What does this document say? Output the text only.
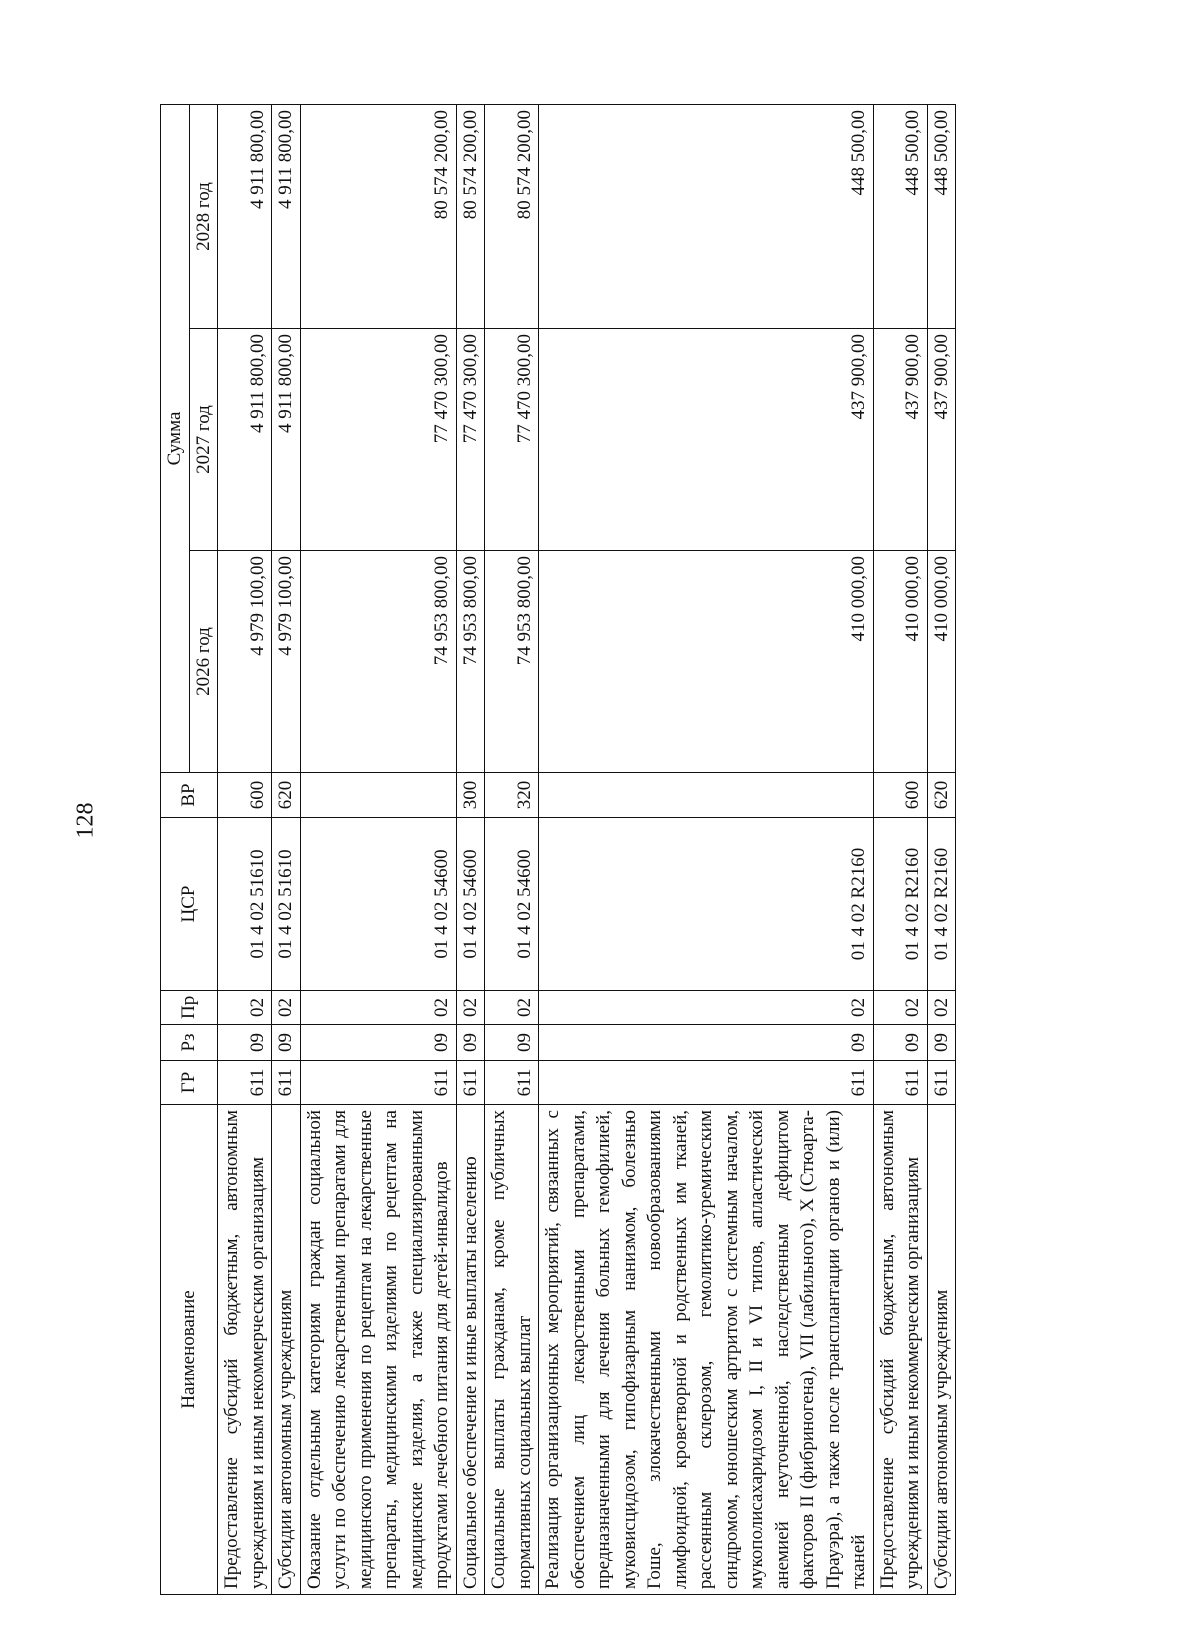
128
Наименование	ГР	Рз	Пр	ЦСР	ВР	Сумма		
						2026 год	2027 год	2028 год
Предоставление субсидий бюджетным, автономным учреждениям и иным некоммерческим организациям	611	09	02	01 4 02 51610	600	4 979 100,00	4 911 800,00	4 911 800,00
Субсидии автономным учреждениям	611	09	02	01 4 02 51610	620	4 979 100,00	4 911 800,00	4 911 800,00
Оказание отдельным категориям граждан социальной услуги по обеспечению лекарственными препаратами для медицинского применения по рецептам на лекарственные препараты, медицинскими изделиями по рецептам на медицинские изделия, а также специализированными продуктами лечебного питания для детей-инвалидов	611	09	02	01 4 02 54600		74 953 800,00	77 470 300,00	80 574 200,00
Социальное обеспечение и иные выплаты населению	611	09	02	01 4 02 54600	300	74 953 800,00	77 470 300,00	80 574 200,00
Социальные выплаты гражданам, кроме публичных нормативных социальных выплат	611	09	02	01 4 02 54600	320	74 953 800,00	77 470 300,00	80 574 200,00
Реализация организационных мероприятий, связанных с обеспечением лиц лекарственными препаратами, предназначенными для лечения больных гемофилией, муковисцидозом, гипофизарным нанизмом, болезнью Гоше, злокачественными новообразованиями лимфоидной, кроветворной и родственных им тканей, рассеянным склерозом, гемолитико-уремическим синдромом, юношеским артритом с системным началом, мукополисахаридозом I, II и VI типов, апластической анемией неуточненной, наследственным дефицитом факторов II (фибриногена), VII (лабильного), X (Стюарта-Прауэра), а также после трансплантации органов и (или) тканей	611	09	02	01 4 02 R2160		410 000,00	437 900,00	448 500,00
Предоставление субсидий бюджетным, автономным учреждениям и иным некоммерческим организациям	611	09	02	01 4 02 R2160	600	410 000,00	437 900,00	448 500,00
Субсидии автономным учреждениям	611	09	02	01 4 02 R2160	620	410 000,00	437 900,00	448 500,00
